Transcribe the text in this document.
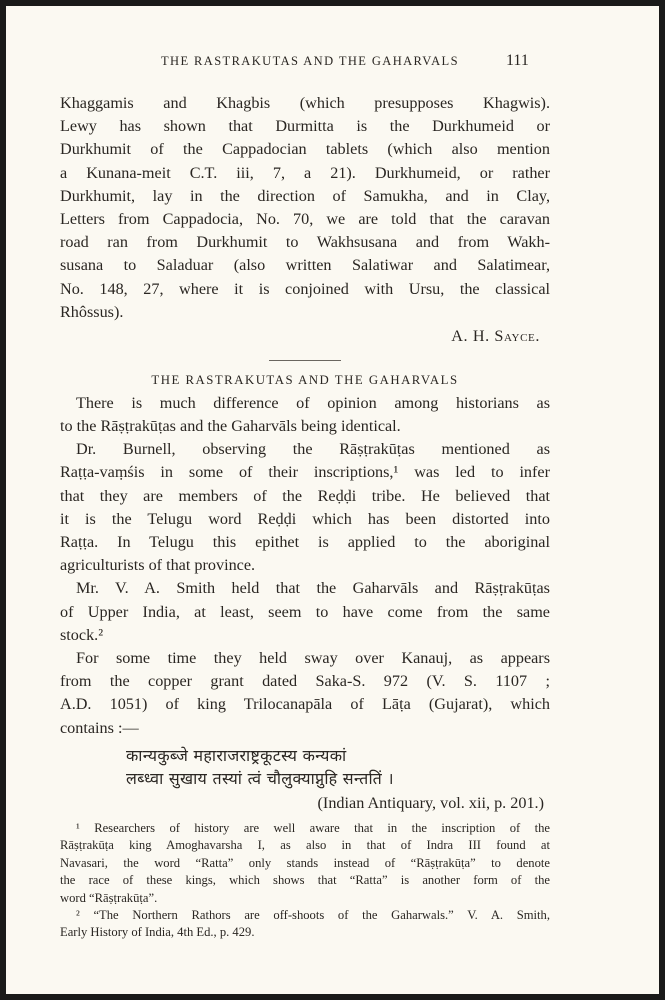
THE RASTRAKUTAS AND THE GAHARVALS	111
Khaggamis and Khagbis (which presupposes Khagwis).
Lewy has shown that Durmitta is the Durkhumeid or
Durkhumit of the Cappadocian tablets (which also mention
a Kunana-meit C.T. iii, 7, a 21). Durkhumeid, or rather
Durkhumit, lay in the direction of Samukha, and in Clay,
Letters from Cappadocia, No. 70, we are told that the caravan
road ran from Durkhumit to Wakhsusana and from Wakh-
susana to Saladuar (also written Salatiwar and Salatimear,
No. 148, 27, where it is conjoined with Ursu, the classical
Rhôssus).
A. H. Sayce.
THE RASTRAKUTAS AND THE GAHARVALS
There is much difference of opinion among historians as
to the Rāṣṭrakūṭas and the Gaharvāls being identical.
Dr. Burnell, observing the Rāṣṭrakūṭas mentioned as
Raṭṭa-vaṃśis in some of their inscriptions,¹ was led to infer
that they are members of the Reḍḍi tribe. He believed that
it is the Telugu word Reḍḍi which has been distorted into
Raṭṭa. In Telugu this epithet is applied to the aboriginal
agriculturists of that province.
Mr. V. A. Smith held that the Gaharvāls and Rāṣṭrakūṭas
of Upper India, at least, seem to have come from the same
stock.²
For some time they held sway over Kanauj, as appears
from the copper grant dated Saka-S. 972 (V. S. 1107 ;
A.D. 1051) of king Trilocanapāla of Lāṭa (Gujarat), which
contains :—
कान्यकुब्जे महाराजराष्ट्रकूटस्य कन्यकां
लब्ध्वा सुखाय तस्यां त्वं चौलुक्याप्नुहि सन्ततिं ।
(Indian Antiquary, vol. xii, p. 201.)
¹ Researchers of history are well aware that in the inscription of the
Rāṣṭrakūṭa king Amoghavarsha I, as also in that of Indra III found at
Navasari, the word “Ratta” only stands instead of “Rāṣṭrakūṭa” to denote
the race of these kings, which shows that “Ratta” is another form of the
word “Rāṣṭrakūṭa”.
² “The Northern Rathors are off-shoots of the Gaharwals.” V. A. Smith,
Early History of India, 4th Ed., p. 429.
